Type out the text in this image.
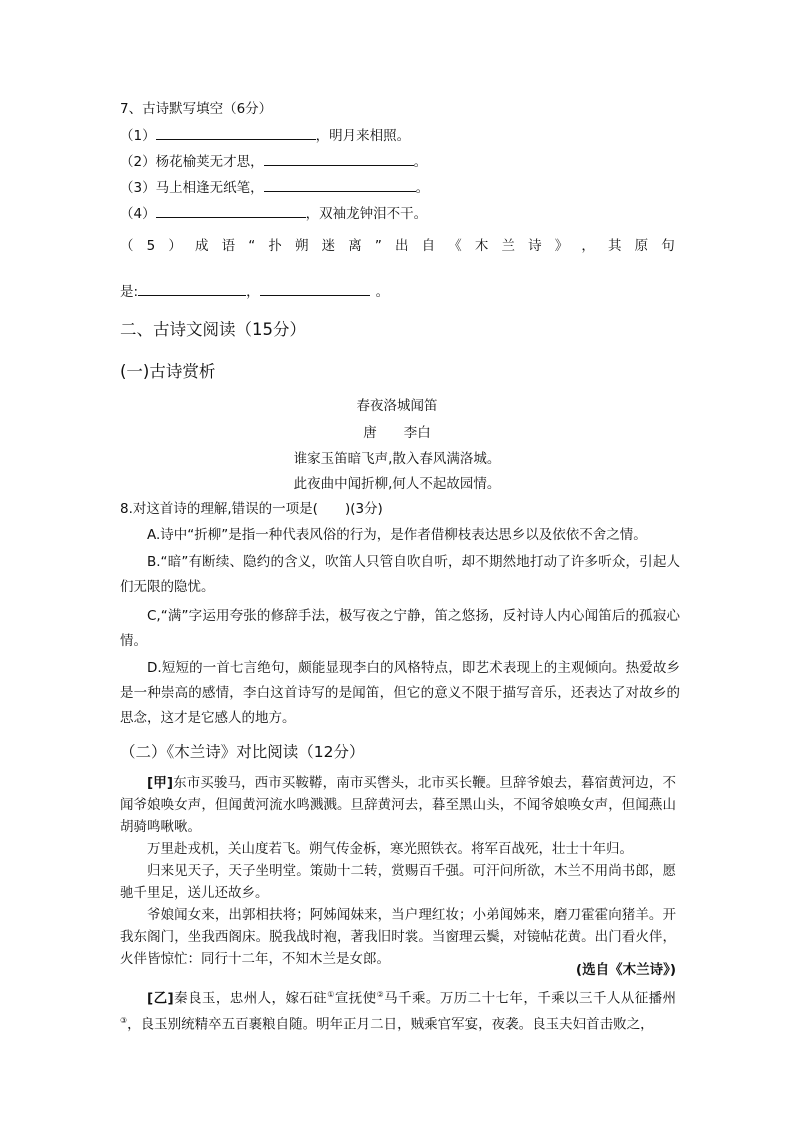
7、古诗默写填空（6分）
（1）	，明月来相照。
（2）杨花榆荚无才思，	。
（3）马上相逢无纸笔，	。
（4）	，双袖龙钟泪不干。
（ 5 ） 成 语 “ 扑 朔 迷 离 ” 出 自 《 木 兰 诗 》 ， 其 原 句
是:	，	。
二、古诗文阅读（15分）
(一)古诗赏析
春夜洛城闻笛
唐　　李白
谁家玉笛暗飞声,散入春风满洛城。
此夜曲中闻折柳,何人不起故园情。
8.对这首诗的理解,错误的一项是(　　)(3分)
A.诗中“折柳”是指一种代表风俗的行为，是作者借柳枝表达思乡以及依依不舍之情。
B.“暗”有断续、隐约的含义，吹笛人只管自吹自听，却不期然地打动了许多听众，引起人们无限的隐忧。
C,“满”字运用夸张的修辞手法，极写夜之宁静，笛之悠扬，反衬诗人内心闻笛后的孤寂心情。
D.短短的一首七言绝句，颇能显现李白的风格特点，即艺术表现上的主观倾向。热爱故乡是一种崇高的感情，李白这首诗写的是闻笛，但它的意义不限于描写音乐，还表达了对故乡的思念，这才是它感人的地方。
（二）《木兰诗》对比阅读（12分）
[甲]东市买骏马，西市买鞍鞯，南市买辔头，北市买长鞭。旦辞爷娘去，暮宿黄河边，不闻爷娘唤女声，但闻黄河流水鸣溅溅。旦辞黄河去，暮至黑山头，不闻爷娘唤女声，但闻燕山胡骑鸣啾啾。
万里赴戎机，关山度若飞。朔气传金柝，寒光照铁衣。将军百战死，壮士十年归。
归来见天子，天子坐明堂。策勋十二转，赏赐百千强。可汗问所欲，木兰不用尚书郎，愿驰千里足，送儿还故乡。
爷娘闻女来，出郭相扶将；阿姊闻妹来，当户理红妆；小弟闻姊来，磨刀霍霍向猪羊。开我东阁门，坐我西阁床。脱我战时袍，著我旧时裳。当窗理云鬓，对镜帖花黄。出门看火伴，火伴皆惊忙：同行十二年，不知木兰是女郎。
(选自《木兰诗》)
[乙]秦良玉，忠州人，嫁石砫①宣抚使②马千乘。万历二十七年，千乘以三千人从征播州③，良玉别统精卒五百裹粮自随。明年正月二日，贼乘官军宴，夜袭。良玉夫妇首击败之，
